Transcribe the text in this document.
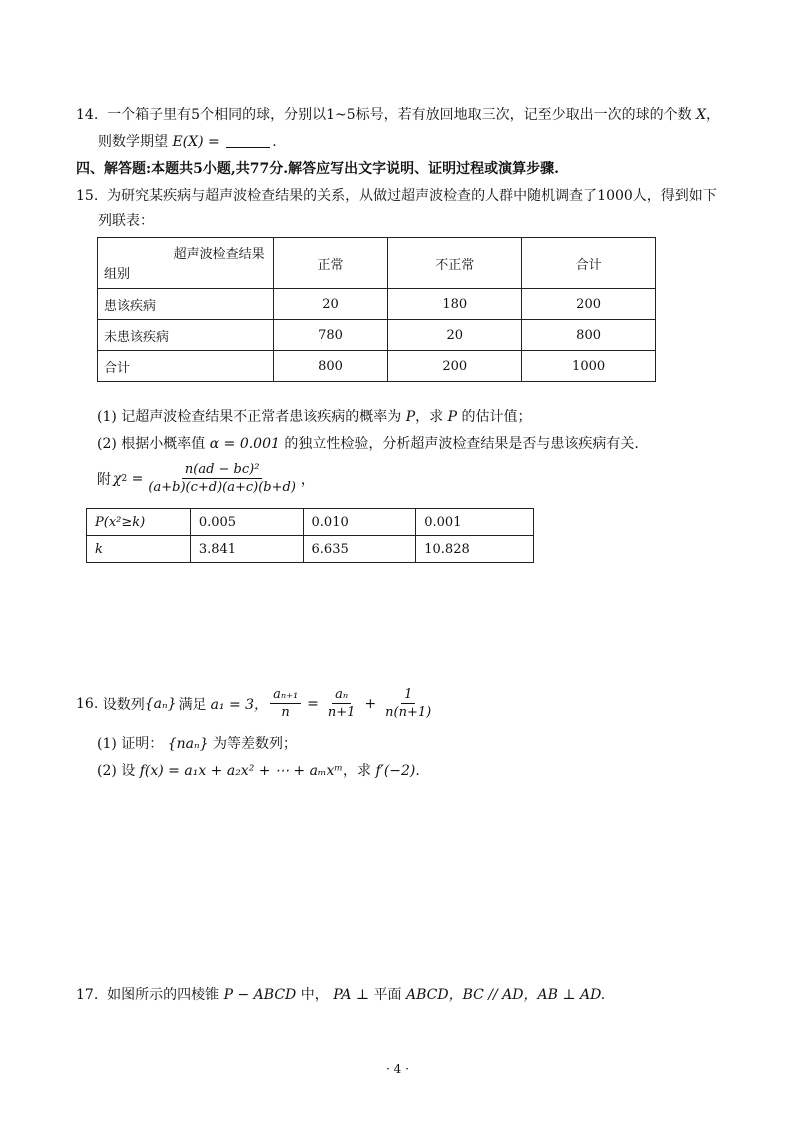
14. 一个箱子里有5个相同的球，分别以1~5标号，若有放回地取三次，记至少取出一次的球的个数 X，
则数学期望 E(X) =	.
四、解答题:本题共5小题,共77分.解答应写出文字说明、证明过程或演算步骤.
15. 为研究某疾病与超声波检查结果的关系，从做过超声波检查的人群中随机调查了1000人，得到如下
列联表：
超声波检查结果
组别	正常	不正常	合计
患该疾病	20	180	200
未患该疾病	780	20	800
合计	800	200	1000
(1) 记超声波检查结果不正常者患该疾病的概率为 P，求 P 的估计值；
(2) 根据小概率值 α = 0.001 的独立性检验，分析超声波检查结果是否与患该疾病有关.
附 χ $2 = \frac{\text{n(ad − bc)²}}{(a+b)(c+d)(a+c)(b+d)}$ ，
P(x²≥k)	0.005	0.010	0.001
k	3.841	6.635	10.828
16.
设数列 {aₙ} 满足 a₁ = 3， $\frac{\text{aₙ₊₁}}{n} = \frac{\text{aₙ}}{n+1} + \frac{1}{n(n+1)}$
(1) 证明： {naₙ} 为等差数列；
(2) 设 f(x) = a₁x + a₂x² + ⋯ + aₘxᵐ，求 f′(−2).
17. 如图所示的四棱锥 P − ABCD 中， PA ⊥ 平面 ABCD，BC // AD，AB ⊥ AD.
· 4 ·
